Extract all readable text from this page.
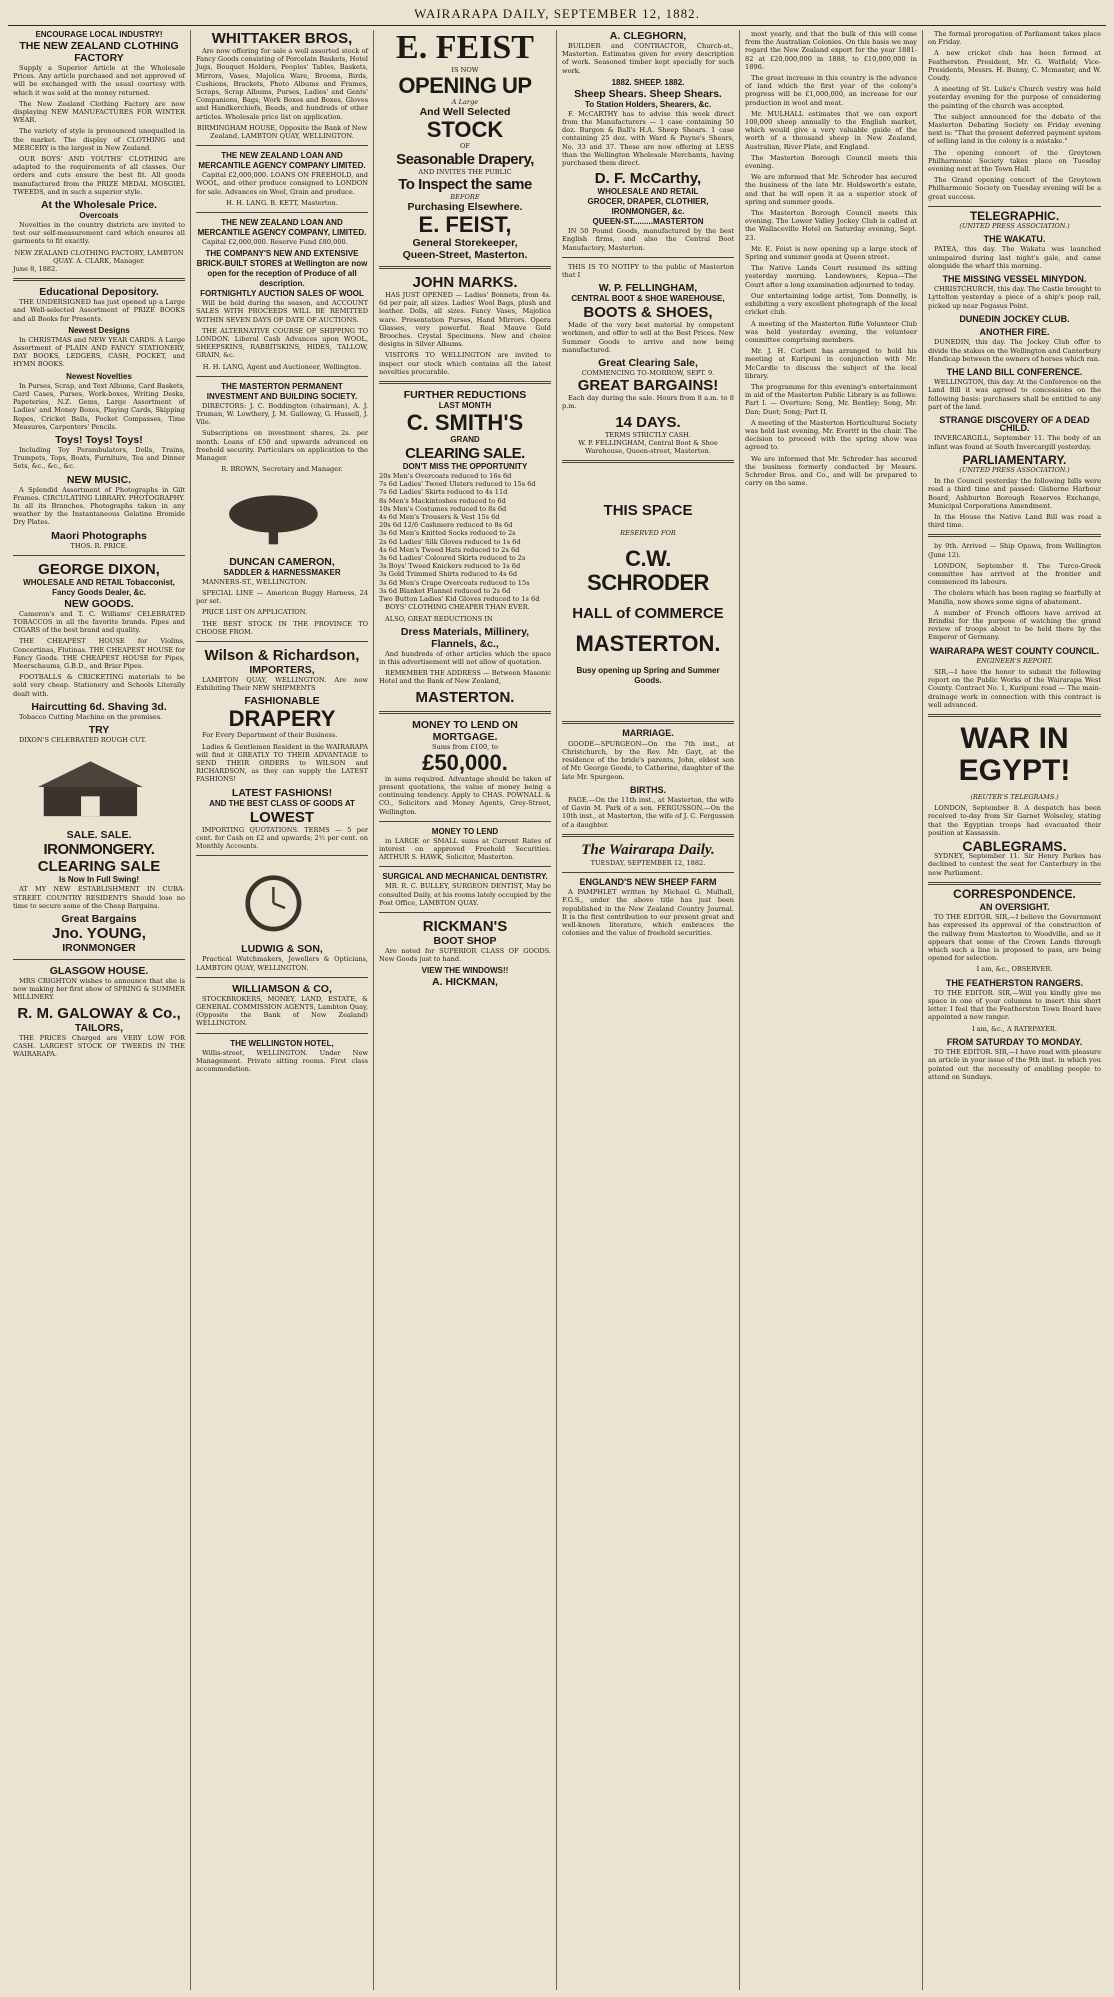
WAIRARAPA DAILY, SEPTEMBER 12, 1882.
ENCOURAGE LOCAL INDUSTRY!
THE NEW ZEALAND CLOTHING FACTORY

Supply a Superior Article at the Wholesale Prices. Any article purchased and not approved of will be exchanged with the usual courtesy with which it was sold at the money returned.

The New Zealand Clothing Factory are now displaying NEW MANUFACTURES FOR WINTER WEAR.

The variety of style is pronounced unequalled in the market. The display of CLOTHING and MERCERY is the largest in New Zealand.

OUR BOYS' AND YOUTHS' CLOTHING are adapted to the requirements of all classes. Our orders and cuts ensure the best fit. All goods manufactured from the PRIZE MEDAL MOSGIEL TWEEDS, and in such a superior style.

At the Wholesale Price.
Overcoats

Novelties in the country districts are invited to test our self-measurement card which ensures all garments to fit exactly.

NEW ZEALAND CLOTHING FACTORY, LAMBTON QUAY. A. CLARK, Manager.
June 8, 1882.
Educational Depository.

THE UNDERSIGNED has just opened up a Large and Well-selected Assortment of PRIZE BOOKS and all Books for Presents.

Newest Designs

In CHRISTMAS and NEW YEAR CARDS. A Large Assortment of PLAIN AND FANCY STATIONERY, DAY BOOKS, LEDGERS, CASH, POCKET, and HYMN BOOKS.

Newest Novelties

In Purses, Scrap, and Text Albums, Card Baskets, Card Cases, Purses, Work-boxes, Writing Desks, Papeteries, N.Z. Gems, Large Assortment of Ladies' and Money Boxes, Playing Cards, Skipping Ropes, Cricket Balls, Pocket Compasses, Time Measures, Carpenters' Pencils.

Toys! Toys! Toys!

Including Toy Perambulators, Dolls, Trains, Trumpets, Tops, Boats, Furniture, Tea and Dinner Sets, &c., &c., &c.

NEW MUSIC.

A Splendid Assortment of Photographs in Gilt Frames. CIRCULATING LIBRARY. PHOTOGRAPHY. In all its Branches. Photographs taken in any weather by the Instantaneous Gelatine Bromide Dry Plates.

Maori Photographs
THOS. R. PRICE.
GEORGE DIXON,
WHOLESALE AND RETAIL Tobacconist, Fancy Goods Dealer, &c.
NEW GOODS.

Cameron's and T. C. Williams' CELEBRATED TOBACCOS in all the favorite brands. Pipes and CIGARS of the best brand and quality.

THE CHEAPEST HOUSE for Violins, Concertinas, Flutinas. THE CHEAPEST HOUSE for Fancy Goods. THE CHEAPEST HOUSE for Pipes, Meerschaums, G.B.D., and Briar Pipes.

FOOTBALLS & CRICKETING materials to be sold very cheap. Stationery and Schools Literally dealt with.

Haircutting 6d. Shaving 3d.

Tobacco Cutting Machine on the premises.

TRY

DIXON'S CELEBRATED ROUGH CUT.

SALE. SALE.
IRONMONGERY.
CLEARING SALE
Is Now In Full Swing!

AT MY NEW ESTABLISHMENT IN CUBA-STREET. COUNTRY RESIDENTS Should lose no time to secure some of the Cheap Bargains.

Great Bargains
Jno. YOUNG,
IRONMONGER
GLASGOW HOUSE.

MRS CRIGHTON wishes to announce that she is now making her first show of SPRING & SUMMER MILLINERY.

R. M. GALOWAY & Co.,
TAILORS,

THE PRICES Charged are VERY LOW FOR CASH. LARGEST STOCK OF TWEEDS IN THE WAIRARAPA.

WHITTAKER BROS,

Are now offering for sale a well assorted stock of Fancy Goods consisting of Porcelain Baskets, Hotel Jugs, Bouquet Holders, Peoples' Tables, Baskets, Mirrors, Vases, Majolica Ware, Brooms, Birds, Cushions, Brackets, Photo Albums and Frames, Scraps, Scrap Albums, Purses, Ladies' and Gents' Companions, Bags, Work Boxes and Boxes, Gloves and Handkerchiefs, Beads, and hundreds of other articles. Wholesale price list on application.

BIRMINGHAM HOUSE, Opposite the Bank of New Zealand, LAMBTON QUAY, WELLINGTON.
THE NEW ZEALAND LOAN AND MERCANTILE AGENCY COMPANY LIMITED.

Capital £2,000,000. LOANS ON FREEHOLD, and WOOL, and other produce consigned to LONDON for sale. Advances on Wool, Grain and produce.

H. H. LANG. B. KETT, Masterton.
THE NEW ZEALAND LOAN AND MERCANTILE AGENCY COMPANY, LIMITED.

Capital £2,000,000. Reserve Fund £80,000.

THE COMPANY'S NEW AND EXTENSIVE BRICK-BUILT STORES at Wellington are now open for the reception of Produce of all description.
FORTNIGHTLY AUCTION SALES OF WOOL

Will be held during the season, and ACCOUNT SALES WITH PROCEEDS WILL BE REMITTED WITHIN SEVEN DAYS OF DATE OF AUCTIONS.

THE ALTERNATIVE COURSE OF SHIPPING TO LONDON. Liberal Cash Advances upon WOOL, SHEEPSKINS, RABBITSKINS, HIDES, TALLOW, GRAIN, &c.

H. H. LANG, Agent and Auctioneer, Wellington.
THE MASTERTON PERMANENT INVESTMENT AND BUILDING SOCIETY.

DIRECTORS: J. C. Boddington (chairman), A. J. Truman, W. Lowthery, J. M. Galloway, G. Hussell, J. Vile.

Subscriptions on investment shares, 2s. per month. Loans of £50 and upwards advanced on freehold security. Particulars on application to the Manager.

R. BROWN, Secretary and Manager.
DUNCAN CAMERON,
SADDLER & HARNESSMAKER

MANNERS-ST., WELLINGTON.

SPECIAL LINE — American Buggy Harness, 24 per set.

PRICE LIST ON APPLICATION.

THE BEST STOCK IN THE PROVINCE TO CHOOSE FROM.

Wilson & Richardson,
IMPORTERS,

LAMBTON QUAY, WELLINGTON. Are now Exhibiting Their NEW SHIPMENTS

FASHIONABLE
DRAPERY

For Every Department of their Business.

Ladies & Gentlemen Resident in the WAIRARAPA will find it GREATLY TO THEIR ADVANTAGE to SEND THEIR ORDERS to WILSON and RICHARDSON, as they can supply the LATEST FASHIONS!

LATEST FASHIONS!
AND THE BEST CLASS OF GOODS AT
LOWEST

IMPORTING QUOTATIONS. TERMS — 5 per cent. for Cash on £2 and upwards; 2½ per cent. on Monthly Accounts.

LUDWIG & SON,

Practical Watchmakers, Jewellers & Opticians, LAMBTON QUAY, WELLINGTON.

WILLIAMSON & CO,

STOCKBROKERS, MONEY, LAND, ESTATE, & GENERAL COMMISSION AGENTS, Lambton Quay, (Opposite the Bank of New Zealand) WELLINGTON.

THE WELLINGTON HOTEL,

Willis-street, WELLINGTON. Under New Management. Private sitting rooms. First class accommodation.

E. FEIST
IS NOW
OPENING UP
A Large
And Well Selected
STOCK
OF
Seasonable Drapery,
AND INVITES THE PUBLIC
To Inspect the same
BEFORE
Purchasing Elsewhere.
E. FEIST,
General Storekeeper,
Queen-Street, Masterton.
JOHN MARKS.

HAS JUST OPENED — Ladies' Bonnets, from 4s. 6d per pair, all sizes. Ladies' Wool Bags, plush and leather. Dolls, all sizes. Fancy Vases, Majolica ware. Presentation Purses, Hand Mirrors. Opera Glasses, very powerful. Real Mauve Gold Brooches. Crystal Specimens. New and choice designs in Silver Albums.

VISITORS TO WELLINGTON are invited to inspect our stock which contains all the latest novelties procurable.

FURTHER REDUCTIONS
LAST MONTH
C. SMITH'S
GRAND
CLEARING SALE.
DON'T MISS THE OPPORTUNITY
20s Men's Overcoats reduced to 16s 6d
7s 6d Ladies' Tweed Ulsters reduced to 15s 6d
7s 6d Ladies' Skirts reduced to 4s 11d
8s Men's Mackintoshes reduced to 6d
10s Men's Costumes reduced to 8s 6d
4s 6d Men's Trousers & Vest 15s 6d
20s 6d 12/6 Cashmere reduced to 8s 6d
3s 6d Men's Knitted Socks reduced to 2s
2s 6d Ladies' Silk Gloves reduced to 1s 6d
4s 6d Men's Tweed Hats reduced to 2s 6d
3s 6d Ladies' Coloured Skirts reduced to 2s
3s Boys' Tweed Knickers reduced to 1s 6d
3s Gold Trimmed Shirts reduced to 4s 6d
3s 6d Men's Crape Overcoats reduced to 15s
3s 6d Blanket Flannel reduced to 2s 6d
Two Button Ladies' Kid Gloves reduced to 1s 6d

BOYS' CLOTHING CHEAPER THAN EVER.

ALSO, GREAT REDUCTIONS IN

Dress Materials, Millinery, Flannels, &c.,

And hundreds of other articles which the space in this advertisement will not allow of quotation.

REMEMBER THE ADDRESS — Between Masonic Hotel and the Bank of New Zealand,

MASTERTON.
MONEY TO LEND ON MORTGAGE.
Sums from £100, to
£50,000.

in sums required. Advantage should be taken of present quotations, the value of money being a continuing tendency. Apply to CHAS. POWNALL & CO., Solicitors and Money Agents, Grey-Street, Wellington.

MONEY TO LEND

in LARGE or SMALL sums at Current Rates of interest on approved Freehold Securities. ARTHUR S. HAWK, Solicitor, Masterton.

SURGICAL AND MECHANICAL DENTISTRY.

MR. R. C. BULLEY, SURGEON DENTIST, May be consulted Daily, at his rooms lately occupied by the Post Office, LAMBTON QUAY.

RICKMAN'S
BOOT SHOP

Are noted for SUPERIOR CLASS OF GOODS. New Goods just to hand.

VIEW THE WINDOWS!!
A. HICKMAN,
A. CLEGHORN,

BUILDER and CONTRACTOR, Church-st., Masterton. Estimates given for every description of work. Seasoned timber kept specially for such work.

1882. SHEEP. 1882.
Sheep Shears. Sheep Shears.
To Station Holders, Shearers, &c.

F. McCARTHY has to advise this week direct from the Manufacturers — 1 case containing 50 doz. Burgon & Ball's H.A. Sheep Shears. 1 case containing 25 doz. with Ward & Payne's Shears, No. 33 and 37. These are now offering at LESS than the Wellington Wholesale Merchants, having purchased them direct.

D. F. McCarthy,
WHOLESALE AND RETAIL
GROCER, DRAPER, CLOTHIER, IRONMONGER, &c.
QUEEN-ST.........MASTERTON

IN 50 Pound Goods, manufactured by the best English firms, and also the Central Boot Manufactory, Masterton.

THIS IS TO NOTIFY to the public of Masterton that I

W. P. FELLINGHAM,
CENTRAL BOOT & SHOE WAREHOUSE,
BOOTS & SHOES,

Made of the very best material by competent workmen, and offer to sell at the Best Prices. New Summer Goods to arrive and now being manufactured.

Great Clearing Sale,
COMMENCING TO-MORROW, SEPT. 9.
GREAT BARGAINS!

Each day during the sale. Hours from 8 a.m. to 8 p.m.

14 DAYS.
TERMS STRICTLY CASH.
W. P. FELLINGHAM, Central Boot & Shoe Warehouse, Queen-street, Masterton.
THIS SPACE
RESERVED FOR
C.W. SCHRODER
HALL of COMMERCE
MASTERTON.
Busy opening up Spring and Summer Goods.
MARRIAGE.

GOODE—SPURGEON—On the 7th inst., at Christchurch, by the Rev. Mr. Gayt, at the residence of the bride's parents, John, eldest son of Mr. George Goode, to Catherine, daughter of the late Mr. Spurgeon.

BIRTHS.

PAGE.—On the 11th inst., at Masterton, the wife of Gavin M. Park of a son. FERGUSSON.—On the 10th inst., at Masterton, the wife of J. C. Fergusson of a daughter.

The Wairarapa Daily.
TUESDAY, SEPTEMBER 12, 1882.
ENGLAND'S NEW SHEEP FARM

A PAMPHLET written by Michael G. Mulhall, F.G.S., under the above title has just been republished in the New Zealand Country Journal. It is the first contribution to our present great and well-known literature, which embraces the colonies and the value of freehold securities.

most yearly, and that the bulk of this will come from the Australian Colonies. On this basis we may regard the New Zealand export for the year 1881-82 at £20,000,000 in 1888, to £10,000,000 in 1896.

The great increase in this country is the advance of land which the first year of the colony's progress will be £1,000,000, an increase for our production in wool and meat.

Mr. MULHALL estimates that we can export 100,000 sheep annually to the English market, which would give a very valuable guide of the worth of a thousand sheep in New Zealand, Australian, River Plate, and England.

The Masterton Borough Council meets this evening.

We are informed that Mr. Schroder has secured the business of the late Mr. Holdsworth's estate, and that he will open it as a superior stock of spring and summer goods.

The Masterton Borough Council meets this evening. The Lower Valley Jockey Club is called at the Wallaceville Hotel on Saturday evening, Sept. 23.

Mr. E. Feist is now opening up a large stock of Spring and summer goods at Queen street.

The Native Lands Court resumed its sitting yesterday morning. Landowners, Kopua—The Court after a long examination adjourned to today.

Our entertaining lodge artist, Tom Donnelly, is exhibiting a very excellent photograph of the local cricket club.

A meeting of the Masterton Rifle Volunteer Club was held yesterday evening, the volunteer committee comprising members.

Mr. J. H. Corbett has arranged to hold his meeting at Kuripuni in conjunction with Mr. McCardle to discuss the subject of the local library.

The programme for this evening's entertainment in aid of the Masterton Public Library is as follows: Part I. — Overture; Song, Mr. Bentley; Song, Mr. Dan; Duet; Song; Part II.

A meeting of the Masterton Horticultural Society was held last evening, Mr. Everitt in the chair. The decision to proceed with the spring show was agreed to.

We are informed that Mr. Schroder has secured the business formerly conducted by Messrs. Schroder Bros. and Co., and will be prepared to carry on the same.

The formal prorogation of Parliament takes place on Friday.

A new cricket club has been formed at Featherston. President, Mr. G. Watfield; Vice-Presidents, Messrs. H. Bunny, C. Mcmaster, and W. Coudy.

A meeting of St. Luke's Church vestry was held yesterday evening for the purpose of considering the painting of the church was accepted.

The subject announced for the debate of the Masterton Debating Society on Friday evening next is: "That the present deferred payment system of selling land in the colony is a mistake."

The opening concert of the Greytown Philharmonic Society takes place on Tuesday evening next at the Town Hall.

The Grand opening concert of the Greytown Philharmonic Society on Tuesday evening will be a great success.

TELEGRAPHIC.
(UNITED PRESS ASSOCIATION.)
THE WAKATU.

PATEA, this day. The Wakatu was launched unimpaired during last night's gale, and came alongside the wharf this morning.

THE MISSING VESSEL MINYDON.

CHRISTCHURCH, this day. The Castle brought to Lyttelton yesterday a piece of a ship's poop rail, picked up near Pegasus Point.

DUNEDIN JOCKEY CLUB.
ANOTHER FIRE.

DUNEDIN, this day. The Jockey Club offer to divide the stakes on the Wellington and Canterbury Handicap between the owners of horses which ran.

THE LAND BILL CONFERENCE.

WELLINGTON, this day. At the Conference on the Land Bill it was agreed to concessions on the following basis: purchasers shall be entitled to any part of the land.

STRANGE DISCOVERY OF A DEAD CHILD.

INVERCARGILL, September 11. The body of an infant was found at South Invercargill yesterday.

PARLIAMENTARY.
(UNITED PRESS ASSOCIATION.)

In the Council yesterday the following bills were read a third time and passed: Gisborne Harbour Board, Ashburton Borough Reserves Exchange, Municipal Corporations Amendment.

In the House the Native Land Bill was read a third time.

by 9th. Arrived — Ship Opawa, from Wellington (June 12).

LONDON, September 8. The Turco-Greek committee has arrived at the frontier and commenced its labours.

The cholera which has been raging so fearfully at Manilla, now shows some signs of abatement.

A number of French officers have arrived at Brindisi for the purpose of watching the grand review of troops about to be held there by the Emperor of Germany.

WAIRARAPA WEST COUNTY COUNCIL.
ENGINEER'S REPORT.

SIR,—I have the honor to submit the following report on the Public Works of the Wairarapa West County. Contract No. 1, Kuripuni road — The main-drainage work in connection with this contract is well advanced.

WAR IN EGYPT!
(REUTER'S TELEGRAMS.)

LONDON, September 8. A despatch has been received to-day from Sir Garnet Wolseley, stating that the Egyptian troops had evacuated their position at Kassassin.

CABLEGRAMS.

SYDNEY, September 11. Sir Henry Parkes has declined to contest the seat for Canterbury in the new Parliament.

CORRESPONDENCE.
AN OVERSIGHT.

TO THE EDITOR. SIR,—I believe the Government has expressed its approval of the construction of the railway from Masterton to Woodville, and so it appears that some of the Crown Lands through which such a line is proposed to pass, are being opened for selection.

I am, &c., OBSERVER.
THE FEATHERSTON RANGERS.

TO THE EDITOR. SIR,—Will you kindly give me space in one of your columns to insert this short letter. I feel that the Featherston Town Board have appointed a new ranger.

I am, &c., A RATEPAYER.
FROM SATURDAY TO MONDAY.

TO THE EDITOR. SIR,—I have read with pleasure an article in your issue of the 9th inst. in which you pointed out the necessity of enabling people to attend on Sundays.
